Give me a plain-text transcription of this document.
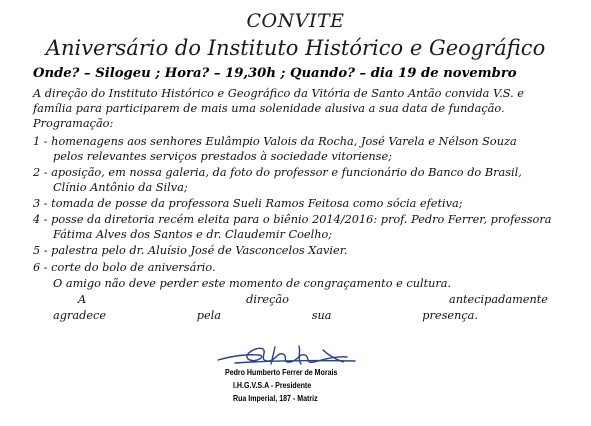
CONVITE
Aniversário do Instituto Histórico e Geográfico
Onde? – Silogeu ; Hora? – 19,30h ; Quando? – dia 19 de novembro
A direção do Instituto Histórico e Geográfico da Vitória de Santo Antão convida V.S. e
família para participarem de mais uma solenidade alusiva a sua data de fundação.
Programação:
1 - homenagens aos senhores Eulâmpio Valois da Rocha, José Varela e Nélson Souza
pelos relevantes serviços prestados à sociedade vitoriense;
2 - aposição, em nossa galeria, da foto do professor e funcionário do Banco do Brasil,
Clínio Antônio da Silva;
3 - tomada de posse da professora Sueli Ramos Feitosa como sócia efetiva;
4 - posse da diretoria recém eleita para o biênio 2014/2016: prof. Pedro Ferrer, professora
Fátima Alves dos Santos e dr. Claudemir Coelho;
5 - palestra pelo dr. Aluísio José de Vasconcelos Xavier.
6 - corte do bolo de aniversário.
O amigo não deve perder este momento de congraçamento e cultura.
A direção antecipadamente
agradece pela sua presença.
Pedro Humberto Ferrer de Morais
I.H.G.V.S.A - Presidente
Rua Imperial, 187 - Matriz
